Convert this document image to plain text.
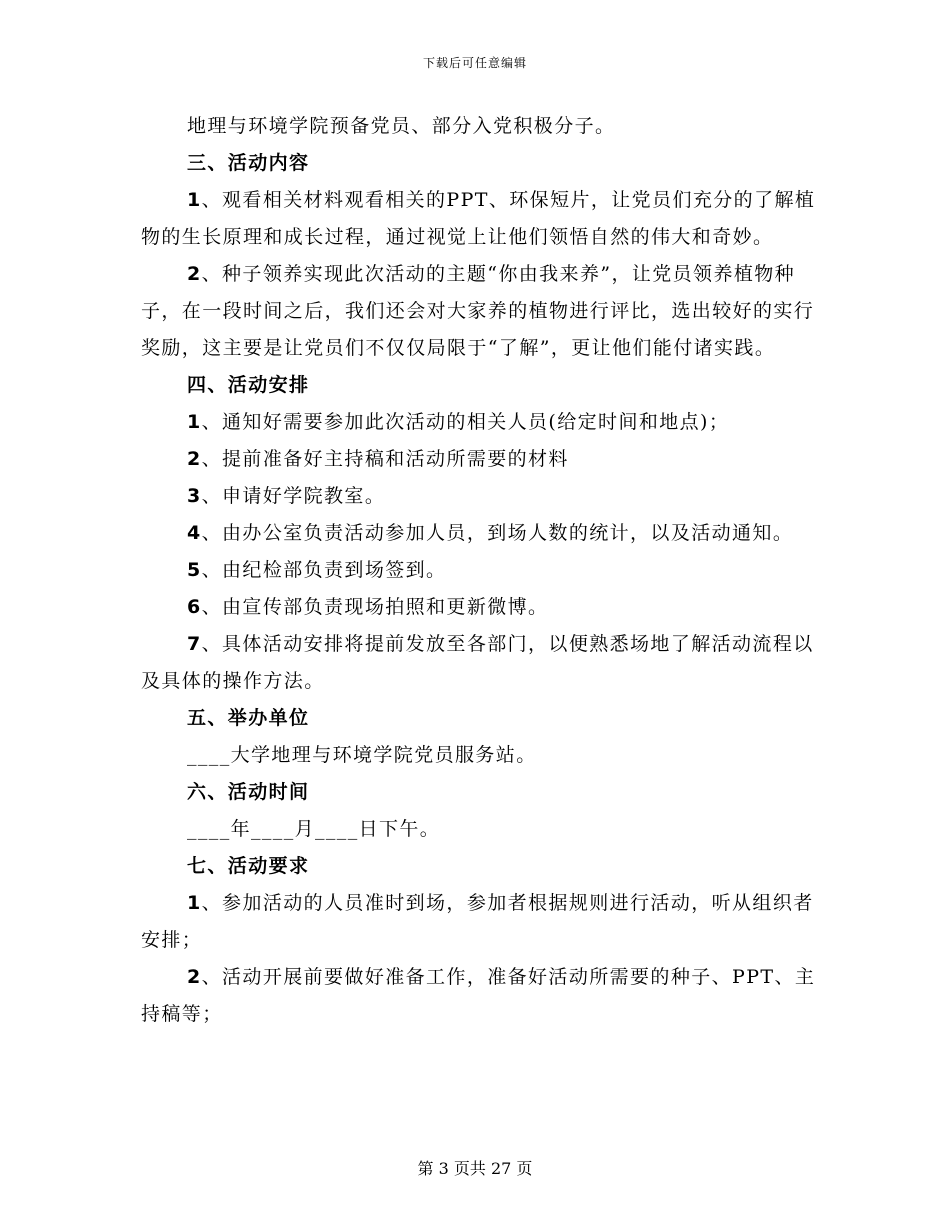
下载后可任意编辑

地理与环境学院预备党员、部分入党积极分子。

三、活动内容

1、观看相关材料观看相关的PPT、环保短片，让党员们充分的了解植物的生长原理和成长过程，通过视觉上让他们领悟自然的伟大和奇妙。

2、种子领养实现此次活动的主题“你由我来养”，让党员领养植物种子，在一段时间之后，我们还会对大家养的植物进行评比，选出较好的实行奖励，这主要是让党员们不仅仅局限于“了解”，更让他们能付诸实践。

四、活动安排

1、通知好需要参加此次活动的相关人员(给定时间和地点)；

2、提前准备好主持稿和活动所需要的材料

3、申请好学院教室。

4、由办公室负责活动参加人员，到场人数的统计，以及活动通知。

5、由纪检部负责到场签到。

6、由宣传部负责现场拍照和更新微博。

7、具体活动安排将提前发放至各部门，以便熟悉场地了解活动流程以及具体的操作方法。

五、举办单位

____大学地理与环境学院党员服务站。

六、活动时间

____年____月____日下午。

七、活动要求

1、参加活动的人员准时到场，参加者根据规则进行活动，听从组织者安排；

2、活动开展前要做好准备工作，准备好活动所需要的种子、PPT、主持稿等；

第 3 页共 27 页
